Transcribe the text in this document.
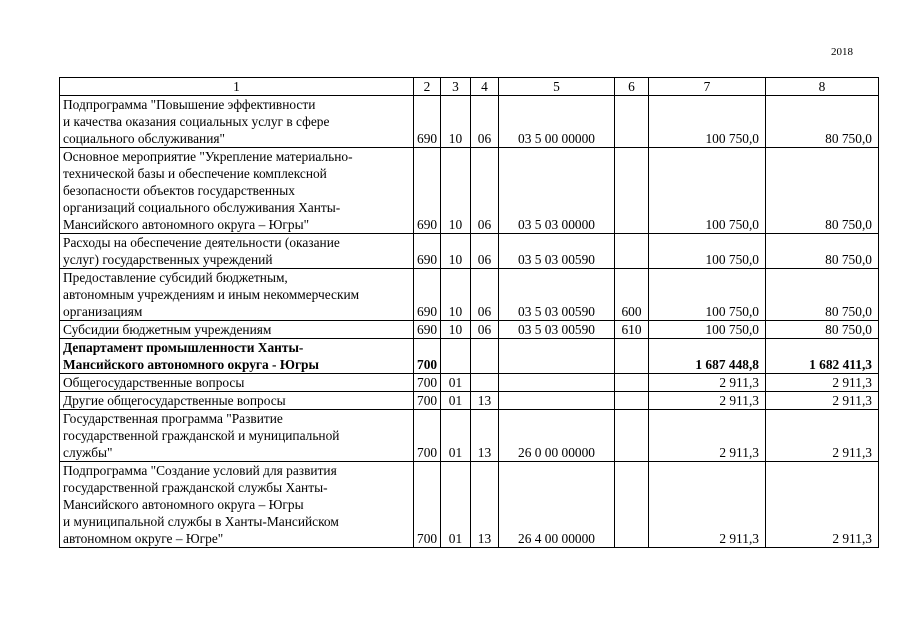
2018
1	2	3	4	5	6	7	8
Подпрограмма "Повышение эффективности
и качества оказания социальных услуг в сфере
социального обслуживания"	690	10	06	03 5 00 00000		100 750,0	80 750,0
Основное мероприятие "Укрепление материально-
технической базы и обеспечение комплексной
безопасности объектов государственных
организаций социального обслуживания Ханты-
Мансийского автономного округа – Югры"	690	10	06	03 5 03 00000		100 750,0	80 750,0
Расходы на обеспечение деятельности (оказание
услуг) государственных учреждений	690	10	06	03 5 03 00590		100 750,0	80 750,0
Предоставление субсидий бюджетным,
автономным учреждениям и иным некоммерческим
организациям	690	10	06	03 5 03 00590	600	100 750,0	80 750,0
Субсидии бюджетным учреждениям	690	10	06	03 5 03 00590	610	100 750,0	80 750,0
Департамент промышленности Ханты-
Мансийского автономного округа - Югры	700					1 687 448,8	1 682 411,3
Общегосударственные вопросы	700	01				2 911,3	2 911,3
Другие общегосударственные вопросы	700	01	13			2 911,3	2 911,3
Государственная программа "Развитие
государственной гражданской и муниципальной
службы"	700	01	13	26 0 00 00000		2 911,3	2 911,3
Подпрограмма "Создание условий для развития
государственной гражданской службы Ханты-
Мансийского автономного округа – Югры
и муниципальной службы в Ханты-Мансийском
автономном округе – Югре"	700	01	13	26 4 00 00000		2 911,3	2 911,3
